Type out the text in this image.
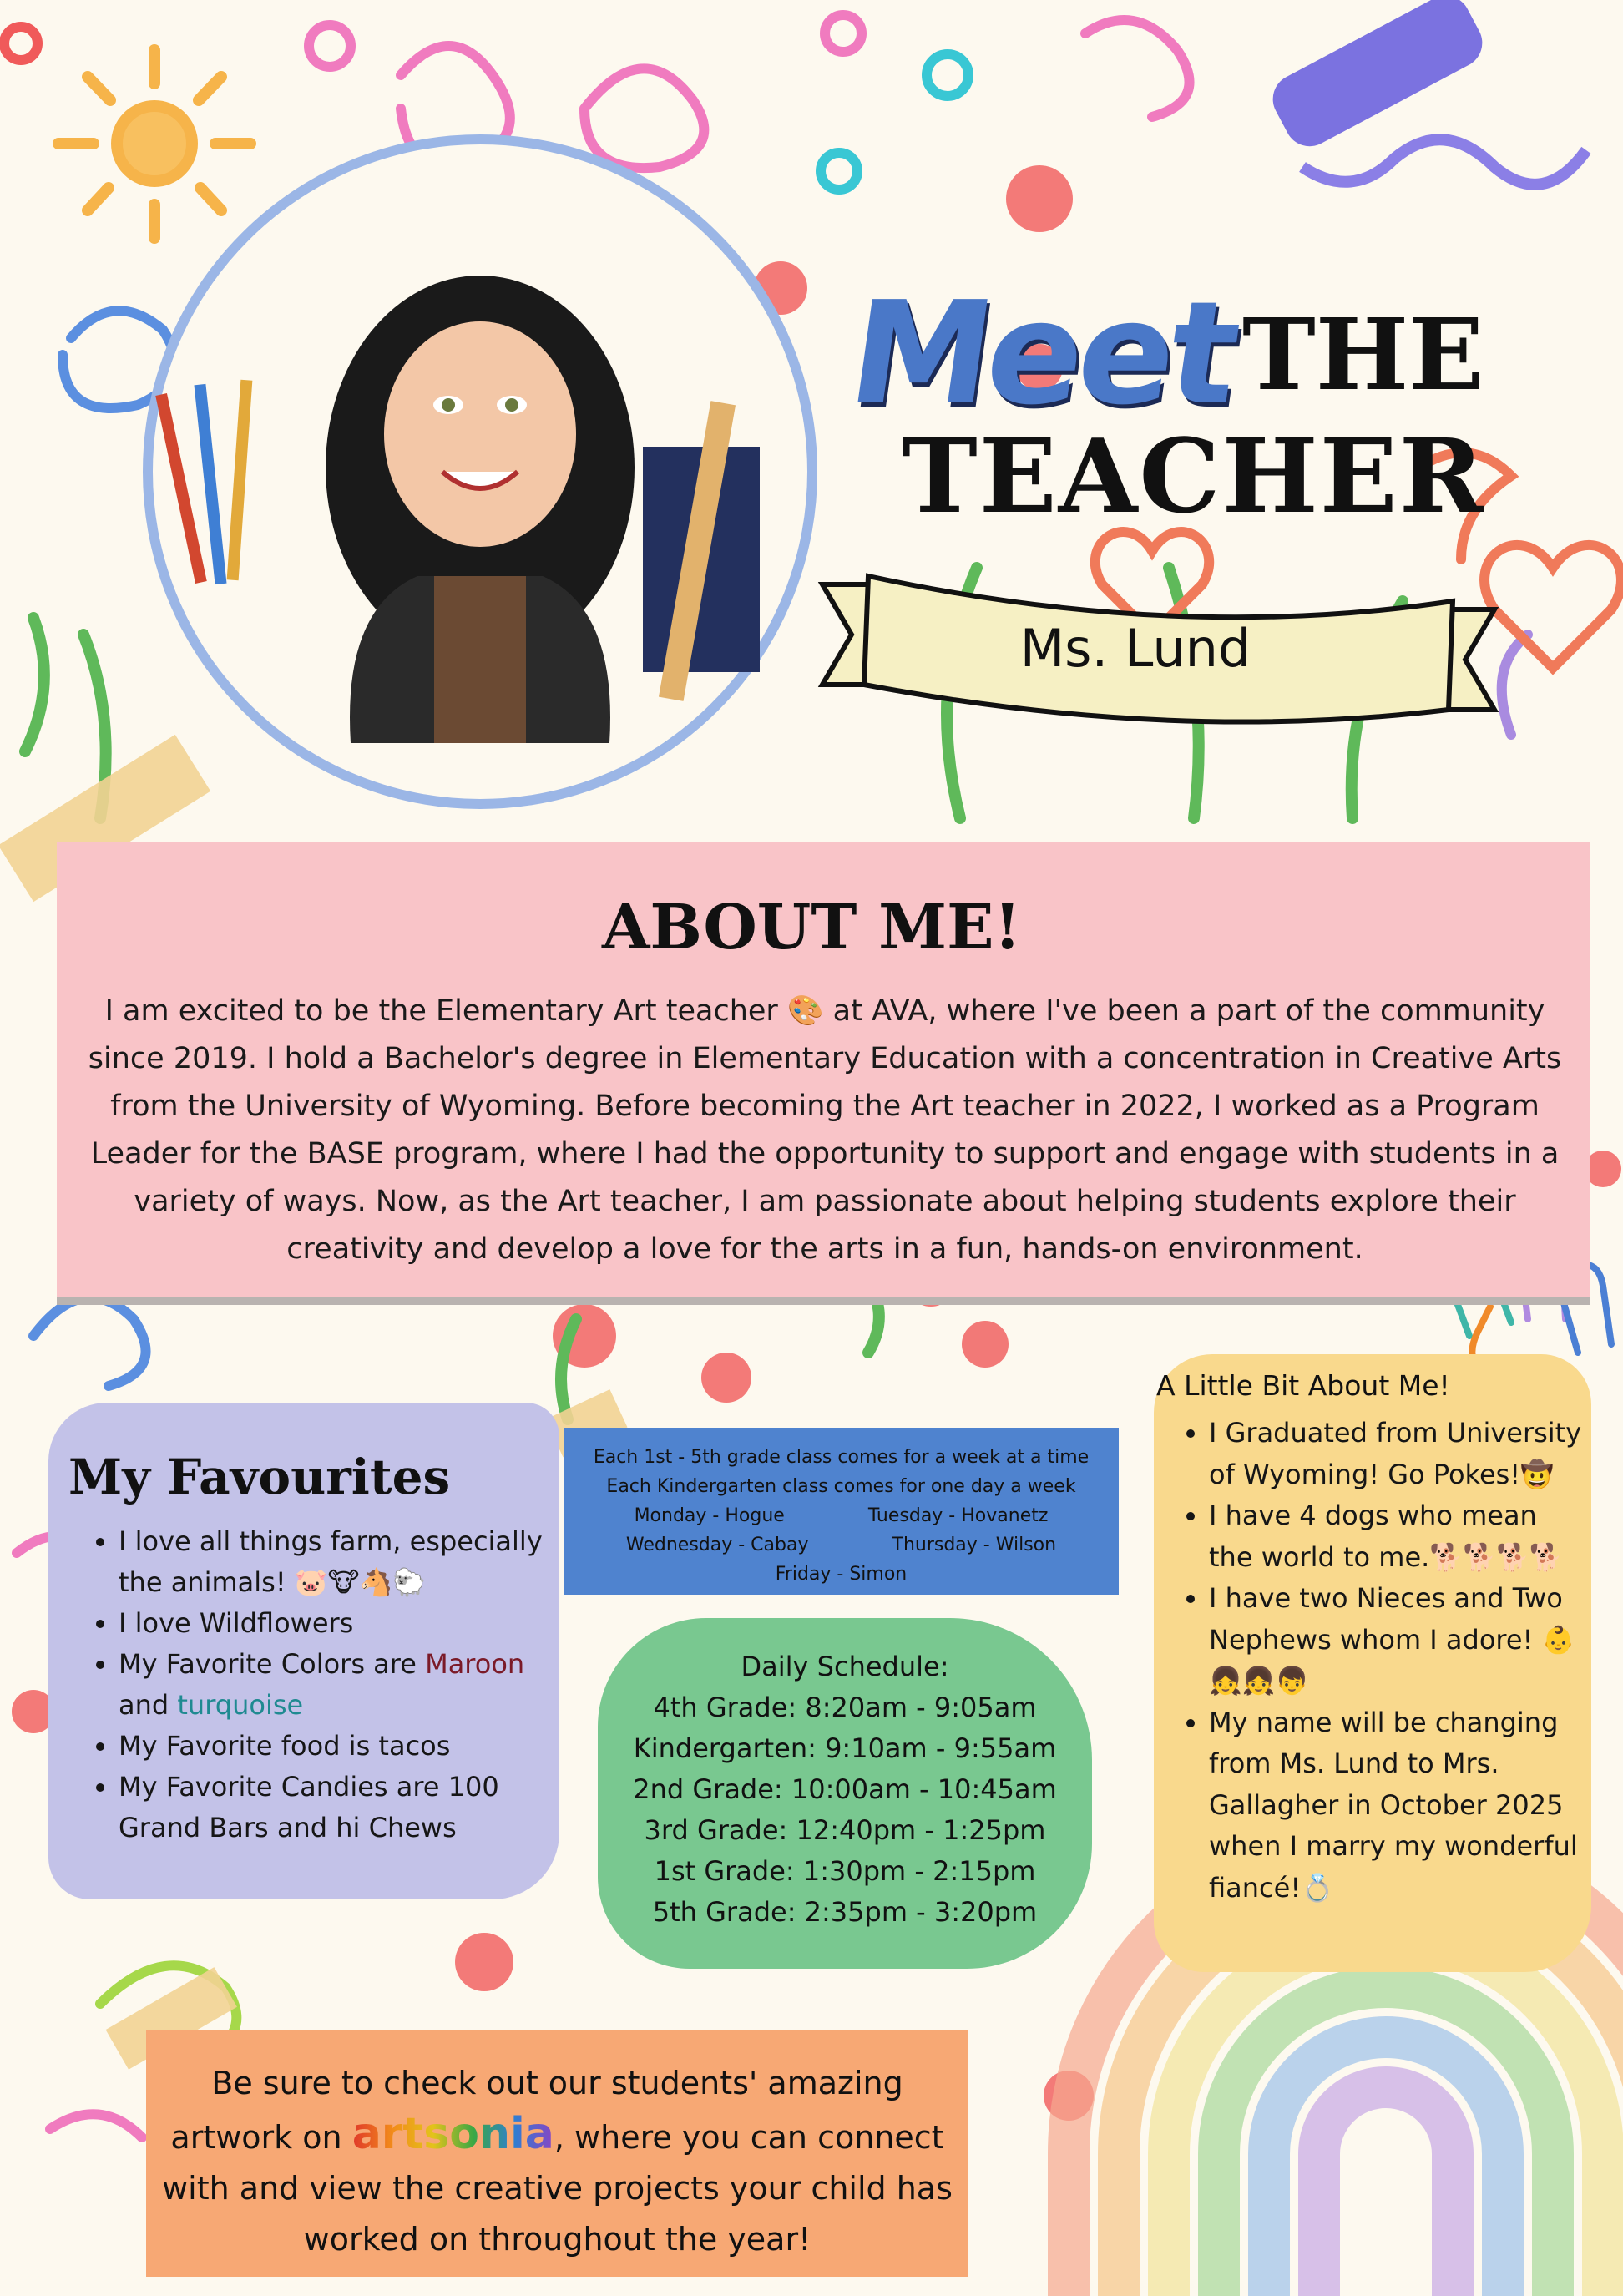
Meet
THE
TEACHER
Ms. Lund
ABOUT ME!
I am excited to be the Elementary Art teacher 🎨 at AVA, where I've been a part of the community since 2019. I hold a Bachelor's degree in Elementary Education with a concentration in Creative Arts from the University of Wyoming. Before becoming the Art teacher in 2022, I worked as a Program Leader for the BASE program, where I had the opportunity to support and engage with students in a variety of ways. Now, as the Art teacher, I am passionate about helping students explore their creativity and develop a love for the arts in a fun, hands-on environment.
My Favourites
• I love all things farm, especially the animals! 🐷🐮🐴🐑
• I love Wildflowers
• My Favorite Colors are Maroon and turquoise
• My Favorite food is tacos
• My Favorite Candies are 100 Grand Bars and hi Chews
Each 1st - 5th grade class comes for a week at a time
Each Kindergarten class comes for one day a week
Monday - Hogue	Tuesday - Hovanetz
Wednesday - Cabay	Thursday - Wilson
Friday - Simon
Daily Schedule:
4th Grade: 8:20am - 9:05am
Kindergarten: 9:10am - 9:55am
2nd Grade: 10:00am - 10:45am
3rd Grade: 12:40pm - 1:25pm
1st Grade: 1:30pm - 2:15pm
5th Grade: 2:35pm - 3:20pm
A Little Bit About Me!
• I Graduated from University of Wyoming! Go Pokes!🤠
• I have 4 dogs who mean the world to me.🐕🐕🐕🐕
• I have two Nieces and Two Nephews whom I adore! 👶👧👧👦
• My name will be changing from Ms. Lund to Mrs. Gallagher in October 2025 when I marry my wonderful fiancé!💍
Be sure to check out our students' amazing artwork on artsonia, where you can connect with and view the creative projects your child has worked on throughout the year!
